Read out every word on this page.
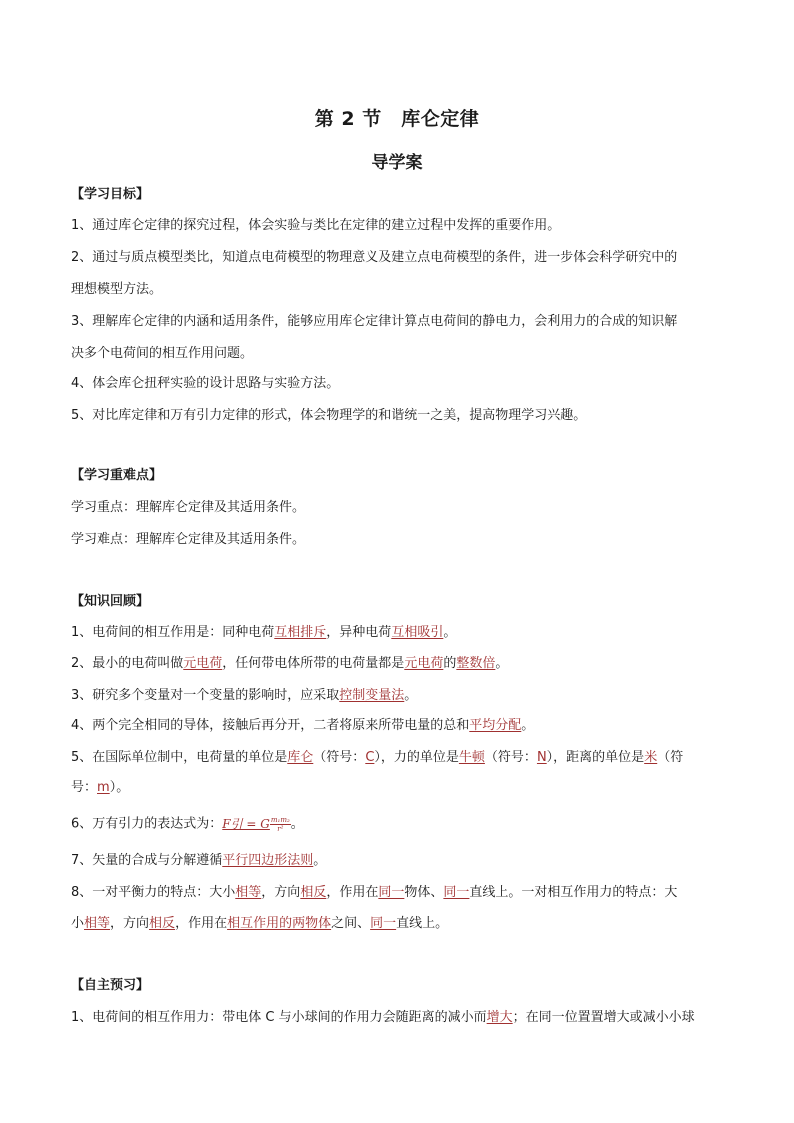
第 2 节　库仑定律
导学案
【学习目标】
1、通过库仑定律的探究过程，体会实验与类比在定律的建立过程中发挥的重要作用。
2、通过与质点模型类比，知道点电荷模型的物理意义及建立点电荷模型的条件，进一步体会科学研究中的
理想模型方法。
3、理解库仑定律的内涵和适用条件，能够应用库仑定律计算点电荷间的静电力，会利用力的合成的知识解
决多个电荷间的相互作用问题。
4、体会库仑扭秤实验的设计思路与实验方法。
5、对比库定律和万有引力定律的形式，体会物理学的和谐统一之美，提高物理学习兴趣。
【学习重难点】
学习重点：理解库仑定律及其适用条件。
学习难点：理解库仑定律及其适用条件。
【知识回顾】
1、电荷间的相互作用是：同种电荷互相排斥，异种电荷互相吸引。
2、最小的电荷叫做元电荷，任何带电体所带的电荷量都是元电荷的整数倍。
3、研究多个变量对一个变量的影响时，应采取控制变量法。
4、两个完全相同的导体，接触后再分开，二者将原来所带电量的总和平均分配。
5、在国际单位制中，电荷量的单位是库仑（符号：C），力的单位是牛顿（符号：N），距离的单位是米（符
号：m）。
6、万有引力的表达式为：F引 = G $\frac{\text{m₁m₂}}{\text{r²}}$ 。
7、矢量的合成与分解遵循平行四边形法则。
8、一对平衡力的特点：大小相等，方向相反，作用在同一物体、同一直线上。一对相互作用力的特点：大
小相等，方向相反，作用在相互作用的两物体之间、同一直线上。
【自主预习】
1、电荷间的相互作用力：带电体 C 与小球间的作用力会随距离的减小而增大；在同一位置置增大或减小小球
